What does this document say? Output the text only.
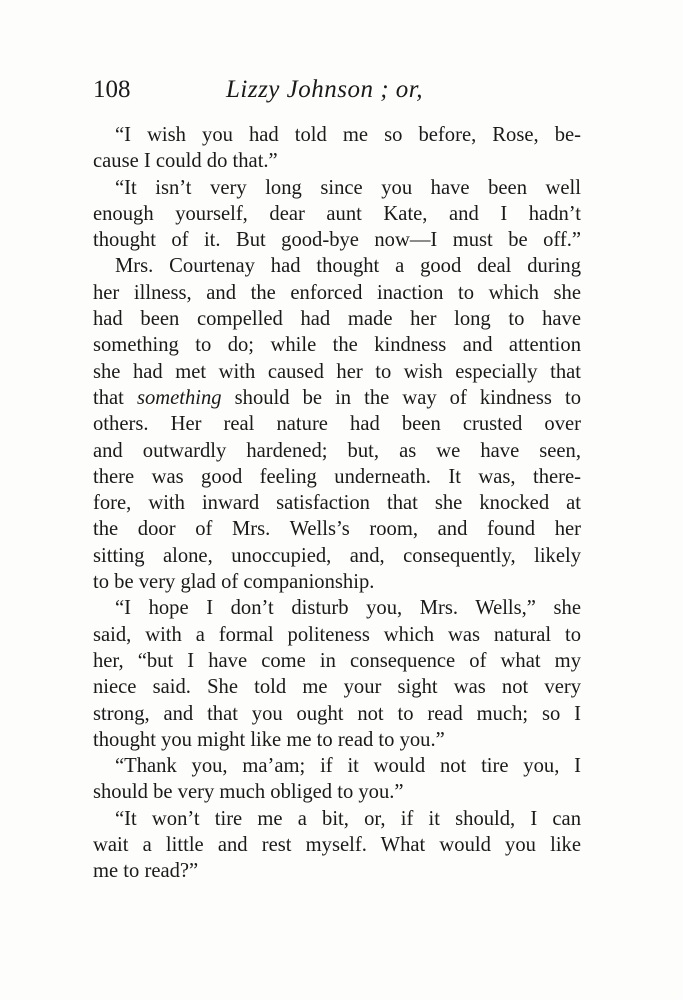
108	Lizzy Johnson ; or,
“I wish you had told me so before, Rose, be-
cause I could do that.”
“It isn’t very long since you have been well
enough yourself, dear aunt Kate, and I hadn’t
thought of it. But good-bye now—I must be off.”
Mrs. Courtenay had thought a good deal during
her illness, and the enforced inaction to which she
had been compelled had made her long to have
something to do; while the kindness and attention
she had met with caused her to wish especially that
that something should be in the way of kindness to
others. Her real nature had been crusted over
and outwardly hardened; but, as we have seen,
there was good feeling underneath. It was, there-
fore, with inward satisfaction that she knocked at
the door of Mrs. Wells’s room, and found her
sitting alone, unoccupied, and, consequently, likely
to be very glad of companionship.
“I hope I don’t disturb you, Mrs. Wells,” she
said, with a formal politeness which was natural to
her, “but I have come in consequence of what my
niece said. She told me your sight was not very
strong, and that you ought not to read much; so I
thought you might like me to read to you.”
“Thank you, ma’am; if it would not tire you, I
should be very much obliged to you.”
“It won’t tire me a bit, or, if it should, I can
wait a little and rest myself. What would you like
me to read?”
